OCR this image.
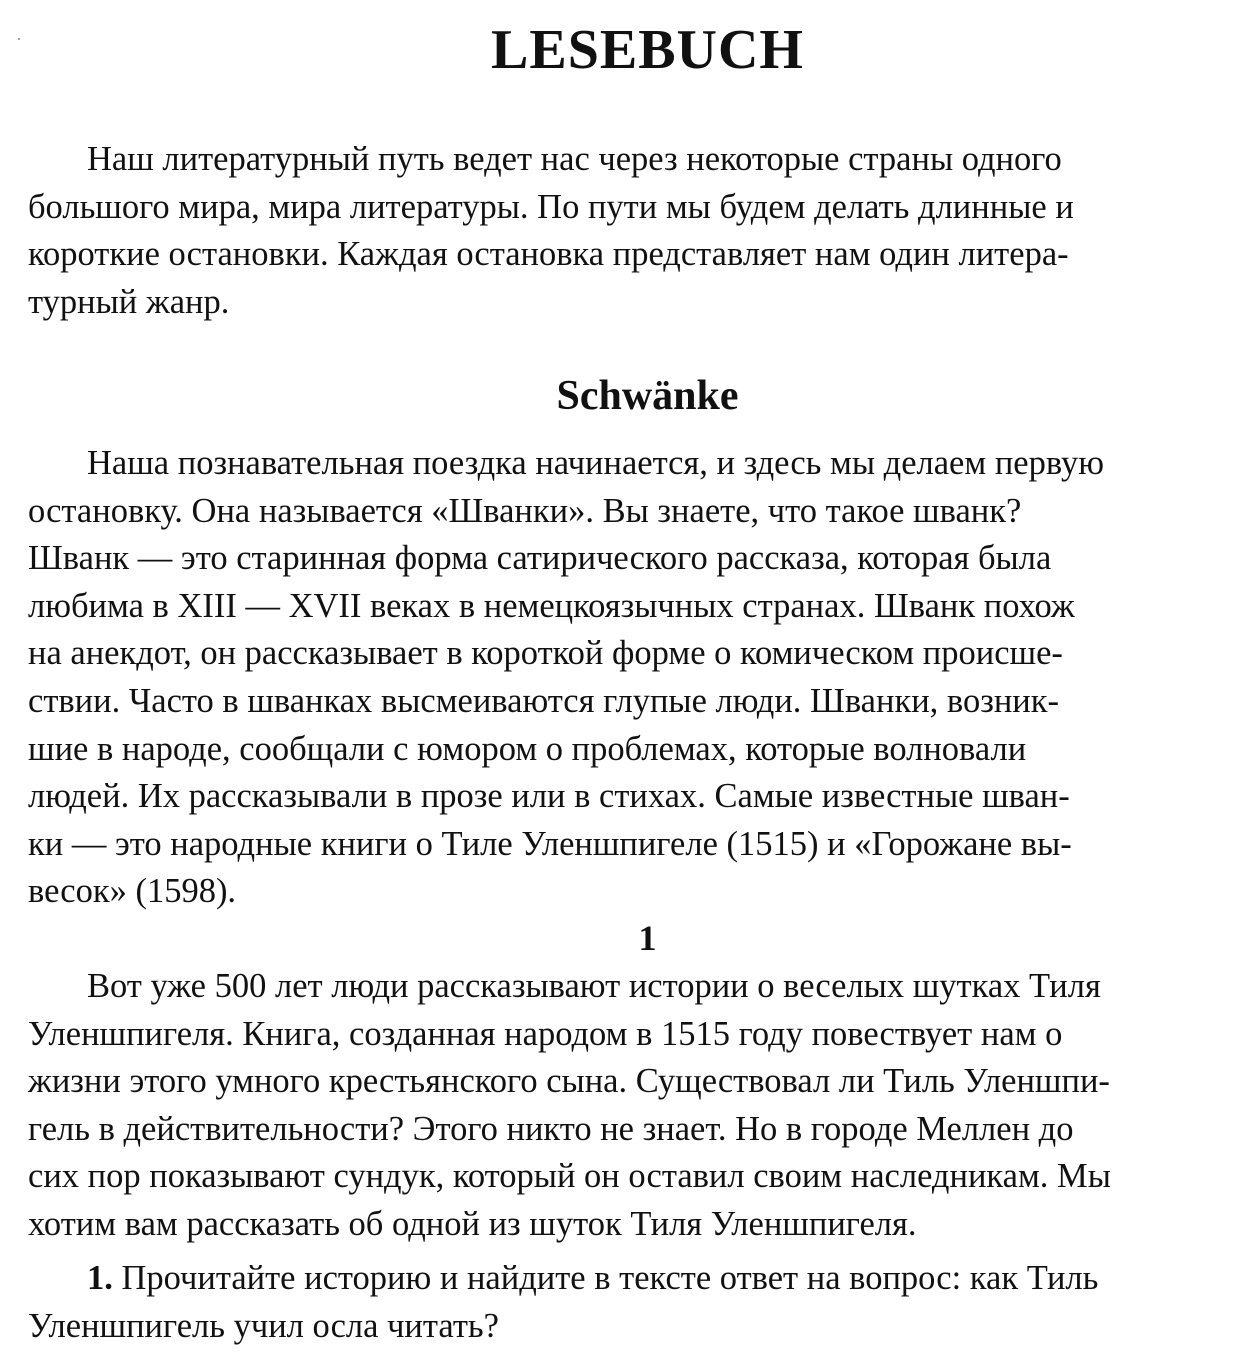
LESEBUCH
Наш литературный путь ведет нас через некоторые страны одного
большого мира, мира литературы. По пути мы будем делать длинные и
короткие остановки. Каждая остановка представляет нам один литера-
турный жанр.
Schwänke
Наша познавательная поездка начинается, и здесь мы делаем первую
остановку. Она называется «Шванки». Вы знаете, что такое шванк?
Шванк — это старинная форма сатирического рассказа, которая была
любима в XIII — XVII веках в немецкоязычных странах. Шванк похож
на анекдот, он рассказывает в короткой форме о комическом происше-
ствии. Часто в шванках высмеиваются глупые люди. Шванки, возник-
шие в народе, сообщали с юмором о проблемах, которые волновали
людей. Их рассказывали в прозе или в стихах. Самые известные шван-
ки — это народные книги о Тиле Уленшпигеле (1515) и «Горожане вы-
весок» (1598).
1
Вот уже 500 лет люди рассказывают истории о веселых шутках Тиля
Уленшпигеля. Книга, созданная народом в 1515 году повествует нам о
жизни этого умного крестьянского сына. Существовал ли Тиль Уленшпи-
гель в действительности? Этого никто не знает. Но в городе Меллен до
сих пор показывают сундук, который он оставил своим наследникам. Мы
хотим вам рассказать об одной из шуток Тиля Уленшпигеля.
1. Прочитайте историю и найдите в тексте ответ на вопрос: как Тиль
Уленшпигель учил осла читать?
